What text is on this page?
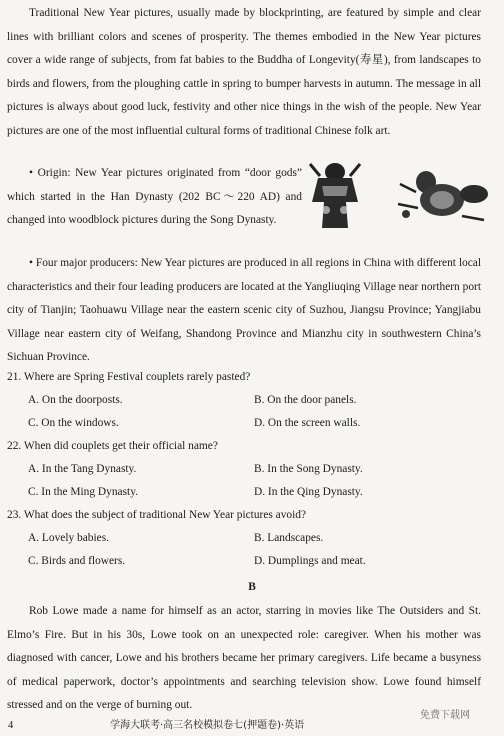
Traditional New Year pictures, usually made by blockprinting, are featured by simple and clear lines with brilliant colors and scenes of prosperity. The themes embodied in the New Year pictures cover a wide range of subjects, from fat babies to the Buddha of Longevity(寿星), from landscapes to birds and flowers, from the ploughing cattle in spring to bumper harvests in autumn. The message in all pictures is always about good luck, festivity and other nice things in the wish of the people. New Year pictures are one of the most influential cultural forms of traditional Chinese folk art.

• Origin: New Year pictures originated from “door gods” which started in the Han Dynasty (202 BC～220 AD) and changed into woodblock pictures during the Song Dynasty.

• Four major producers: New Year pictures are produced in all regions in China with different local characteristics and their four leading producers are located at the Yangliuqing Village near northern port city of Tianjin; Taohuawu Village near the eastern scenic city of Suzhou, Jiangsu Province; Yangjiabu Village near eastern city of Weifang, Shandong Province and Mianzhu city in southwestern China’s Sichuan Province.

21. Where are Spring Festival couplets rarely pasted?

A. On the doorposts.	B. On the door panels.

C. On the windows.	D. On the screen walls.

22. When did couplets get their official name?

A. In the Tang Dynasty.	B. In the Song Dynasty.

C. In the Ming Dynasty.	D. In the Qing Dynasty.

23. What does the subject of traditional New Year pictures avoid?

A. Lovely babies.	B. Landscapes.

C. Birds and flowers.	D. Dumplings and meat.

B

Rob Lowe made a name for himself as an actor, starring in movies like The Outsiders and St. Elmo’s Fire. But in his 30s, Lowe took on an unexpected role: caregiver. When his mother was diagnosed with cancer, Lowe and his brothers became her primary caregivers. Life became a busyness of medical paperwork, doctor’s appointments and searching television show. Lowe found himself stressed and on the verge of burning out.

免费下载网
4	学海大联考·高三名校模拟卷七(押题卷)·英语
